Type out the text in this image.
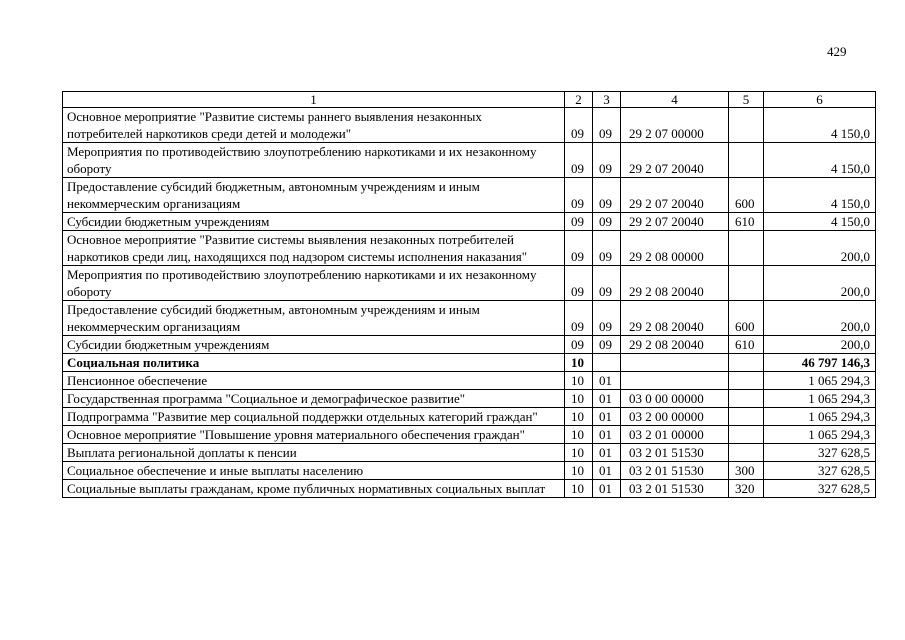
429
1	2	3	4	5	6
Основное мероприятие "Развитие системы раннего выявления незаконных потребителей наркотиков среди детей и молодежи"	09	09	29 2 07 00000		4 150,0
Мероприятия по противодействию злоупотреблению наркотиками и их незаконному обороту	09	09	29 2 07 20040		4 150,0
Предоставление субсидий бюджетным, автономным учреждениям и иным некоммерческим организациям	09	09	29 2 07 20040	600	4 150,0
Субсидии бюджетным учреждениям	09	09	29 2 07 20040	610	4 150,0
Основное мероприятие "Развитие системы выявления незаконных потребителей наркотиков среди лиц, находящихся под надзором системы исполнения наказания"	09	09	29 2 08 00000		200,0
Мероприятия по противодействию злоупотреблению наркотиками и их незаконному обороту	09	09	29 2 08 20040		200,0
Предоставление субсидий бюджетным, автономным учреждениям и иным некоммерческим организациям	09	09	29 2 08 20040	600	200,0
Субсидии бюджетным учреждениям	09	09	29 2 08 20040	610	200,0
Социальная политика	10				46 797 146,3
Пенсионное обеспечение	10	01			1 065 294,3
Государственная программа "Социальное и демографическое развитие"	10	01	03 0 00 00000		1 065 294,3
Подпрограмма "Развитие мер социальной поддержки отдельных категорий граждан"	10	01	03 2 00 00000		1 065 294,3
Основное мероприятие "Повышение уровня материального обеспечения граждан"	10	01	03 2 01 00000		1 065 294,3
Выплата региональной доплаты к пенсии	10	01	03 2 01 51530		327 628,5
Социальное обеспечение и иные выплаты населению	10	01	03 2 01 51530	300	327 628,5
Социальные выплаты гражданам, кроме публичных нормативных социальных выплат	10	01	03 2 01 51530	320	327 628,5
